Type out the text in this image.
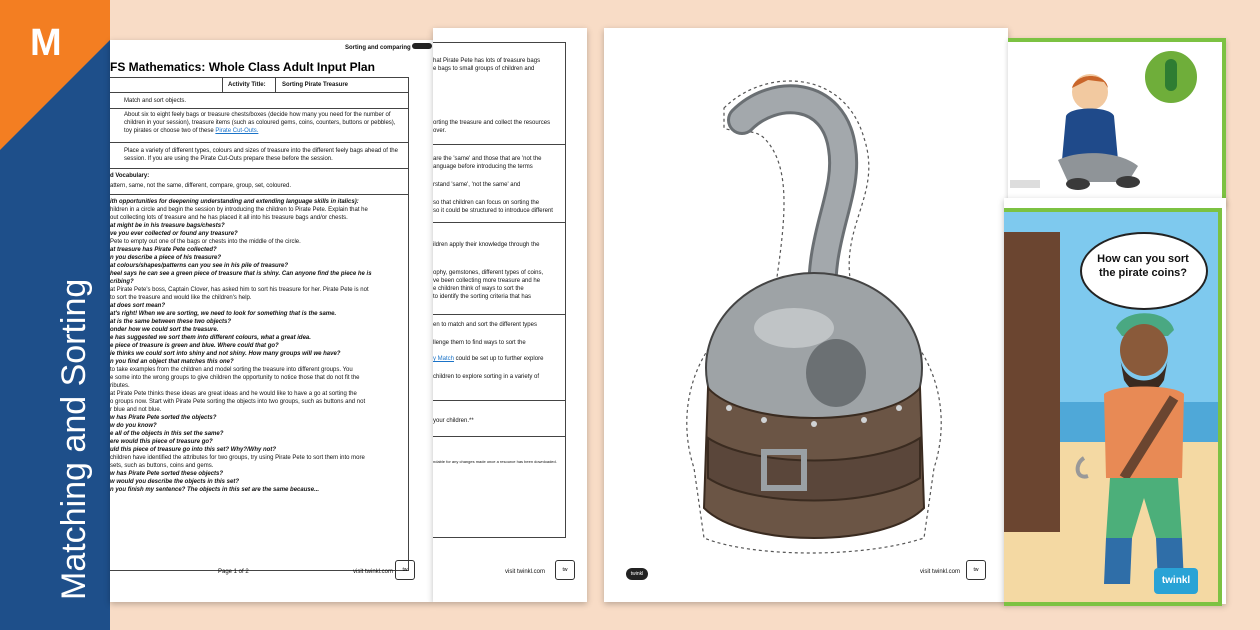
M
Matching and Sorting
Sorting and comparing
FS Mathematics: Whole Class Adult Input Plan
Activity Title:	Sorting Pirate Treasure
Match and sort objects.
About six to eight feely bags or treasure chests/boxes (decide how many you need for the number of children in your session), treasure items (such as coloured gems, coins, counters, buttons or pebbles), toy pirates or choose two of these Pirate Cut-Outs.
Place a variety of different types, colours and sizes of treasure into the different feely bags ahead of the session. If you are using the Pirate Cut-Outs prepare these before the session.
d Vocabulary:
attern, same, not the same, different, compare, group, set, coloured.
ith opportunities for deepening understanding and extending language skills in italics):
hildren in a circle and begin the session by introducing the children to Pirate Pete. Explain that he
out collecting lots of treasure and he has placed it all into his treasure bags and/or chests.
at might be in his treasure bags/chests?
ve you ever collected or found any treasure?
Pete to empty out one of the bags or chests into the middle of the circle.
at treasure has Pirate Pete collected?
n you describe a piece of his treasure?
at colours/shapes/patterns can you see in his pile of treasure?
heel says he can see a green piece of treasure that is shiny. Can anyone find the piece he is
cribing?
at Pirate Pete's boss, Captain Clover, has asked him to sort his treasure for her. Pirate Pete is not
to sort the treasure and would like the children's help.
at does sort mean?
at's right! When we are sorting, we need to look for something that is the same.
at is the same between these two objects?
onder how we could sort the treasure.
e has suggested we sort them into different colours, what a great idea.
e piece of treasure is green and blue. Where could that go?
ie thinks we could sort into shiny and not shiny. How many groups will we have?
n you find an object that matches this one?
to take examples from the children and model sorting the treasure into different groups. You
e some into the wrong groups to give children the opportunity to notice those that do not fit the
ributes.
at Pirate Pete thinks these ideas are great ideas and he would like to have a go at sorting the
o groups now. Start with Pirate Pete sorting the objects into two groups, such as buttons and not
r blue and not blue.
w has Pirate Pete sorted the objects?
w do you know?
e all of the objects in this set the same?
ere would this piece of treasure go?
uld this piece of treasure go into this set? Why?/Why not?
children have identified the attributes for two groups, try using Pirate Pete to sort them into more
sets, such as buttons, coins and gems.
w has Pirate Pete sorted these objects?
w would you describe the objects in this set?
n you finish my sentence? The objects in this set are the same because...
Page 1 of 2	visit twinkl.com	tw
hat Pirate Pete has lots of treasure bags
e bags to small groups of children and
orting the treasure and collect the resources
over.
are the 'same' and those that are 'not the
anguage before introducing the terms
rstand 'same', 'not the same' and
so that children can focus on sorting the
so it could be structured to introduce different
ildren apply their knowledge through the
ophy, gemstones, different types of coins,
ve been collecting more treasure and he
e children think of ways to sort the
to identify the sorting criteria that has
en to match and sort the different types
llenge them to find ways to sort the
y Match could be set up to further explore
children to explore sorting in a variety of
your children.**
ndable for any changes made once a resource has been downloaded.
visit twinkl.com	tw
twinkl	visit twinkl.com	tw
How can you sort the pirate coins?
twinkl
